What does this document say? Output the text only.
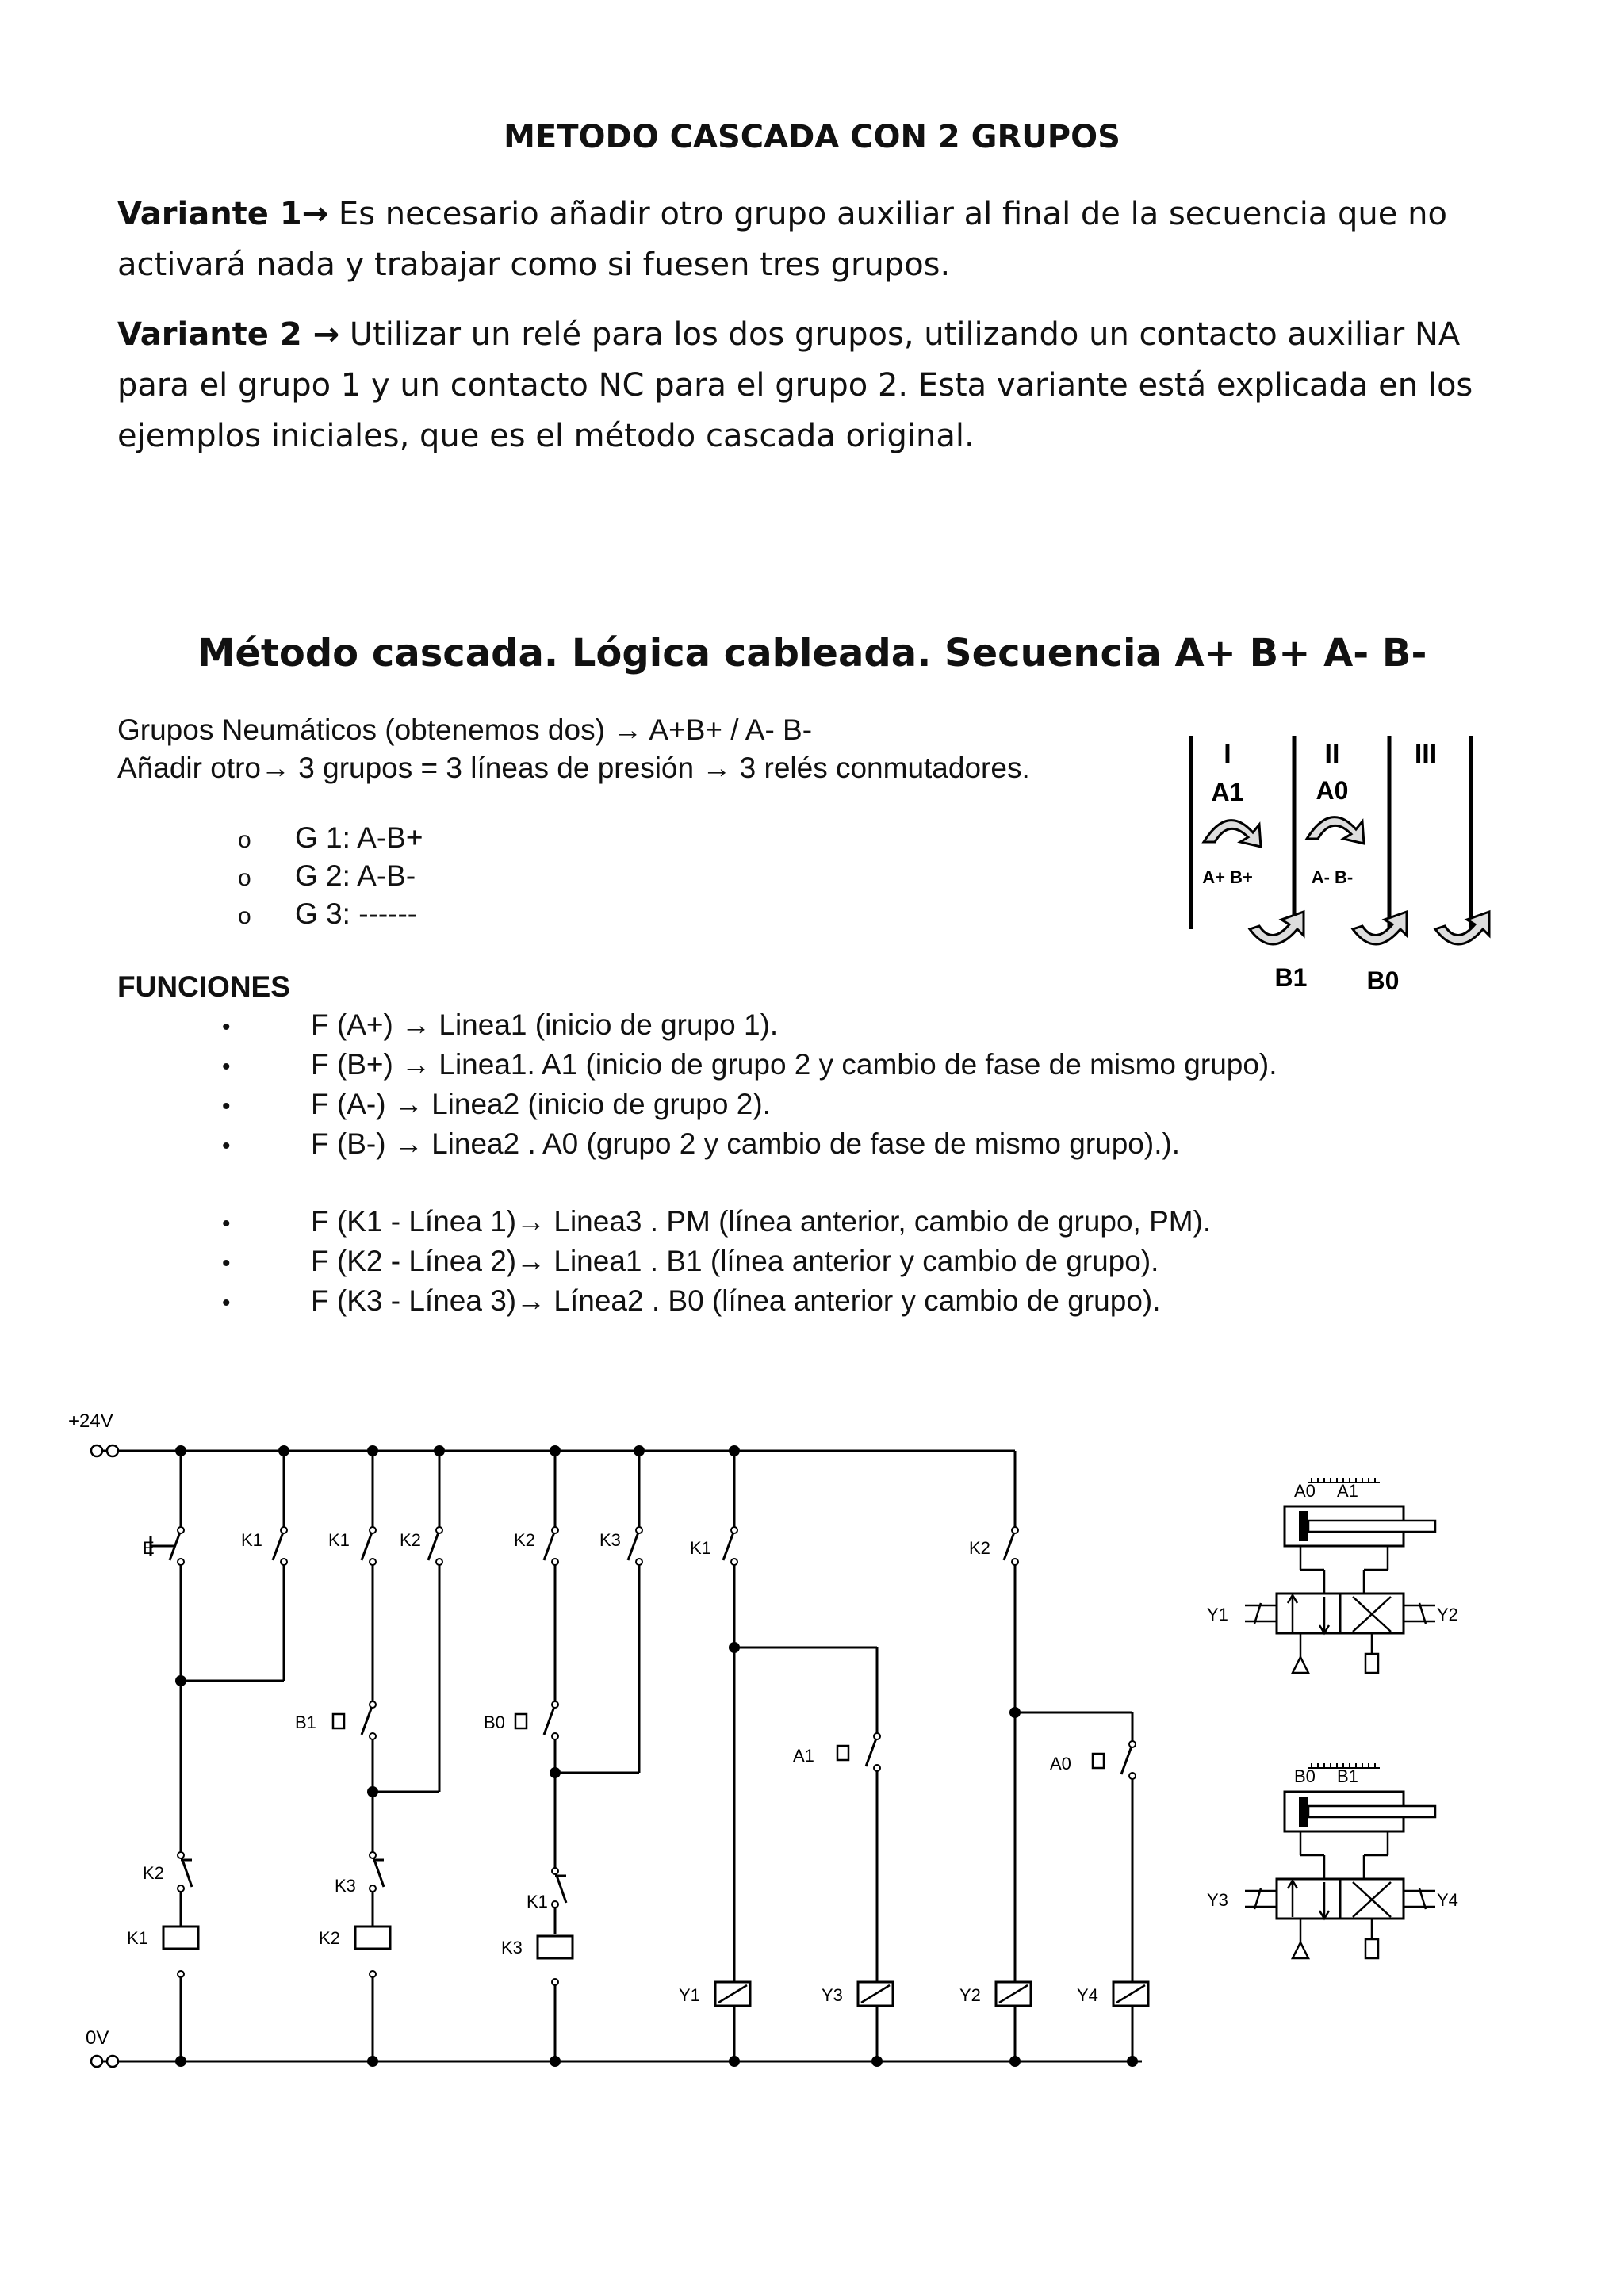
METODO CASCADA CON 2 GRUPOS
Variante 1→ Es necesario añadir otro grupo auxiliar al final de la secuencia que no activará nada y trabajar como si fuesen tres grupos.
Variante 2 → Utilizar un relé para los dos grupos, utilizando un contacto auxiliar NA para el grupo 1 y un contacto NC para el grupo 2. Esta variante está explicada en los ejemplos iniciales, que es el método cascada original.
Método cascada. Lógica cableada. Secuencia A+ B+ A- B-
Grupos Neumáticos (obtenemos dos) → A+B+ / A- B-
Añadir otro→ 3 grupos = 3 líneas de presión → 3 relés conmutadores.
o G 1: A-B+
o G 2: A-B-
o G 3: ------
FUNCIONES
•	F (A+) → Linea1 (inicio de grupo 1).
•	F (B+) → Linea1. A1 (inicio de grupo 2 y cambio de fase de mismo grupo).
•	F (A-) → Linea2 (inicio de grupo 2).
•	F (B-) → Linea2 . A0 (grupo 2 y cambio de fase de mismo grupo).).
•	F (K1 - Línea 1)→ Linea3 . PM (línea anterior, cambio de grupo, PM).
•	F (K2 - Línea 2)→ Linea1 . B1 (línea anterior y cambio de grupo).
•	F (K3 - Línea 3)→ Línea2 . B0 (línea anterior y cambio de grupo).
I	II	III
A1	A0
A+ B+	A- B-
B1 B0
+24V
0V
E	K1	K1	K2	K2	K3	K1	K2
K2
K3
K1
B1	B0
A1	A0
K1	K2	K3
Y1	Y3	Y2	Y4
A0 A1
Y1	Y2
B0 B1
Y3	Y4
